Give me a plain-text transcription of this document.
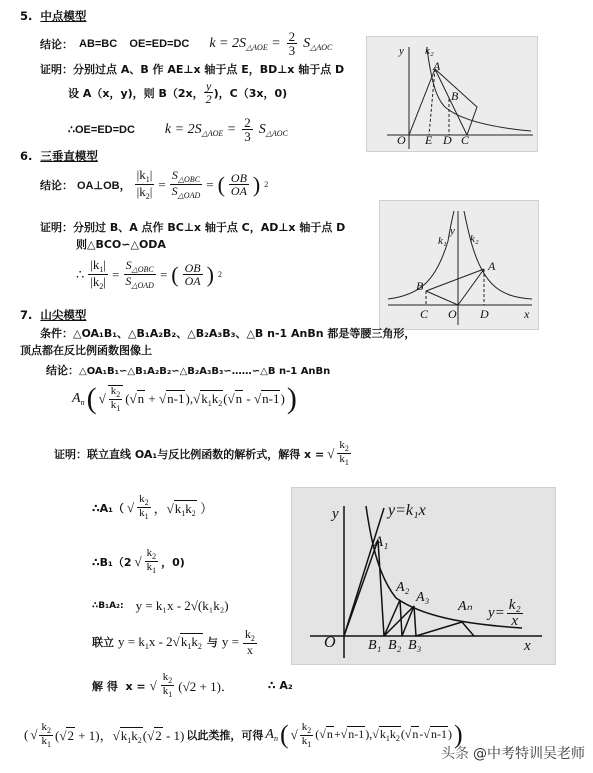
5. 中点模型
结论： AB=BC    OE=ED=DC $k = 2S_{\triangle AOE} = \frac{2}{3} S_{\triangle AOC}$
证明：分别过点 A、B 作 AE⊥x 轴于点 E，BD⊥x 轴于点 D
设 A（x，y)，则 B（2x， $\frac{y}{2}$ )，C（3x，0)
∴OE=ED=DC $k = 2S_{\triangle AOE} = \frac{2}{3} S_{\triangle AOC}$
k₂
y
A
B
O E D C
6. 三垂直模型
结论： OA⊥OB， $\frac{|k_1|}{|k_2|} = \frac{S_{\triangle OBC}}{S_{\triangle OAD}}$ = ( $\frac{OB}{OA}$ ) 2
证明：分别过 B、A 点作 BC⊥x 轴于点 C，AD⊥x 轴于点 D
则△BCO∽△ODA
∴ $\frac{|k_1|}{|k_2|} = \frac{S_{\triangle OBC}}{S_{\triangle OAD}}$ = ( $\frac{OB}{OA}$ ) 2
k₁ k₂
y
A
B
C O D	x
7. 山尖模型
条件：△OA₁B₁、△B₁A₂B₂、△B₂A₃B₃、△B n-1 AnBn 都是等腰三角形，
顶点都在反比例函数图像上
结论：△OA₁B₁∽△B₁A₂B₂∽△B₂A₃B₃∽……∽△B n-1 AnBn
$A_n$ ( √ $\frac{k_2}{k_1} (√n + √n-1),√k_1k_2(√n - √n-1)$ )
证明：联立直线 OA₁与反比例函数的解析式，解得 x = √ $\frac{k_2}{k_1}$
∴A₁（ √ $\frac{k_2}{k_1}$ ，$√k_1k_2$ ）
∴B₁（2 √ $\frac{k_2}{k_1}$ ，0)
∴B₁A₂: y = k₁x - 2√(k₁k₂)
联立 $y = k_1x - 2√k_1k_2$ 与 $y = \frac{k_2}{x}$
解 得  x = √ $\frac{k_2}{k_1} (√2 + 1)$．	∴ A₂
( √ $\frac{k_2}{k_1} (√2 + 1)$，$√k_1k_2(√2 - 1)$ 以此类推，可得 $A_n$ ( √ $\frac{k_2}{k_1} (√n+√n-1),√k_1k_2(√n-√n-1)$ )
y	y=k₁x
A₁
A₂
A₃
Aₙ $y= \frac{\text{k₂}}{x}$
O B₁ B₂ B₃	x
头条 @中考特训吴老师
